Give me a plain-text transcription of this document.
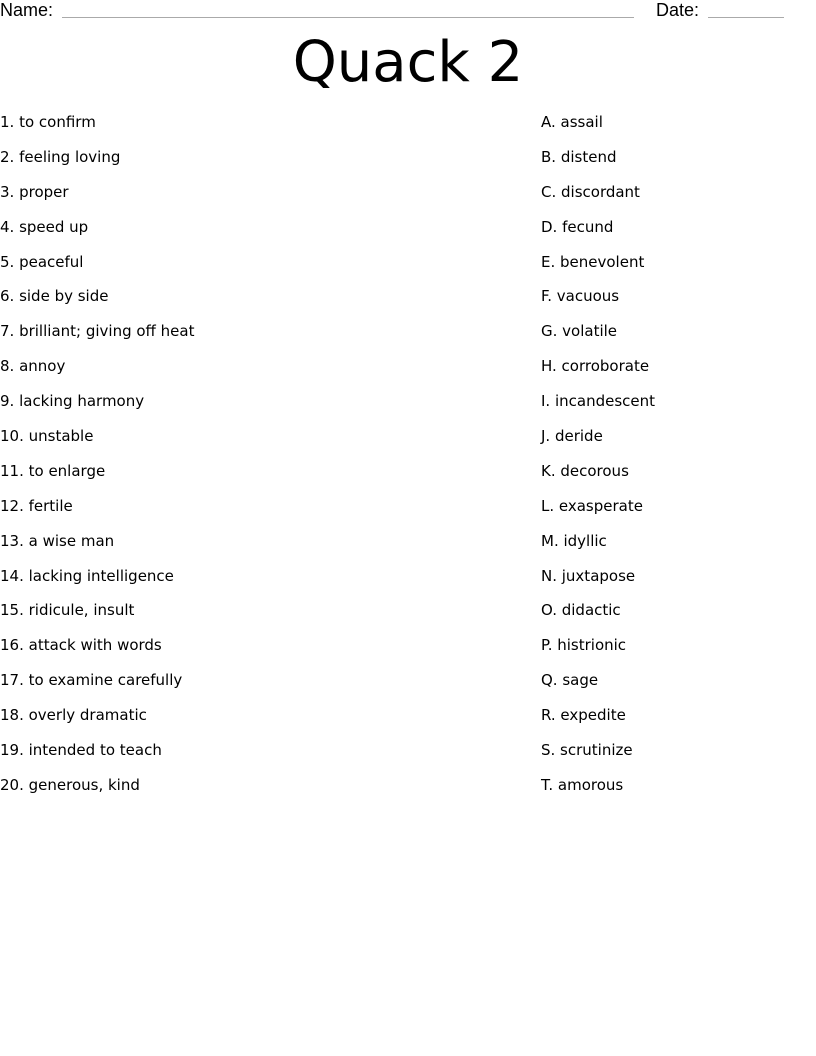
Name:	Date:
Quack 2
1. to confirm
2. feeling loving
3. proper
4. speed up
5. peaceful
6. side by side
7. brilliant; giving off heat
8. annoy
9. lacking harmony
10. unstable
11. to enlarge
12. fertile
13. a wise man
14. lacking intelligence
15. ridicule, insult
16. attack with words
17. to examine carefully
18. overly dramatic
19. intended to teach
20. generous, kind
A. assail
B. distend
C. discordant
D. fecund
E. benevolent
F. vacuous
G. volatile
H. corroborate
I. incandescent
J. deride
K. decorous
L. exasperate
M. idyllic
N. juxtapose
O. didactic
P. histrionic
Q. sage
R. expedite
S. scrutinize
T. amorous
